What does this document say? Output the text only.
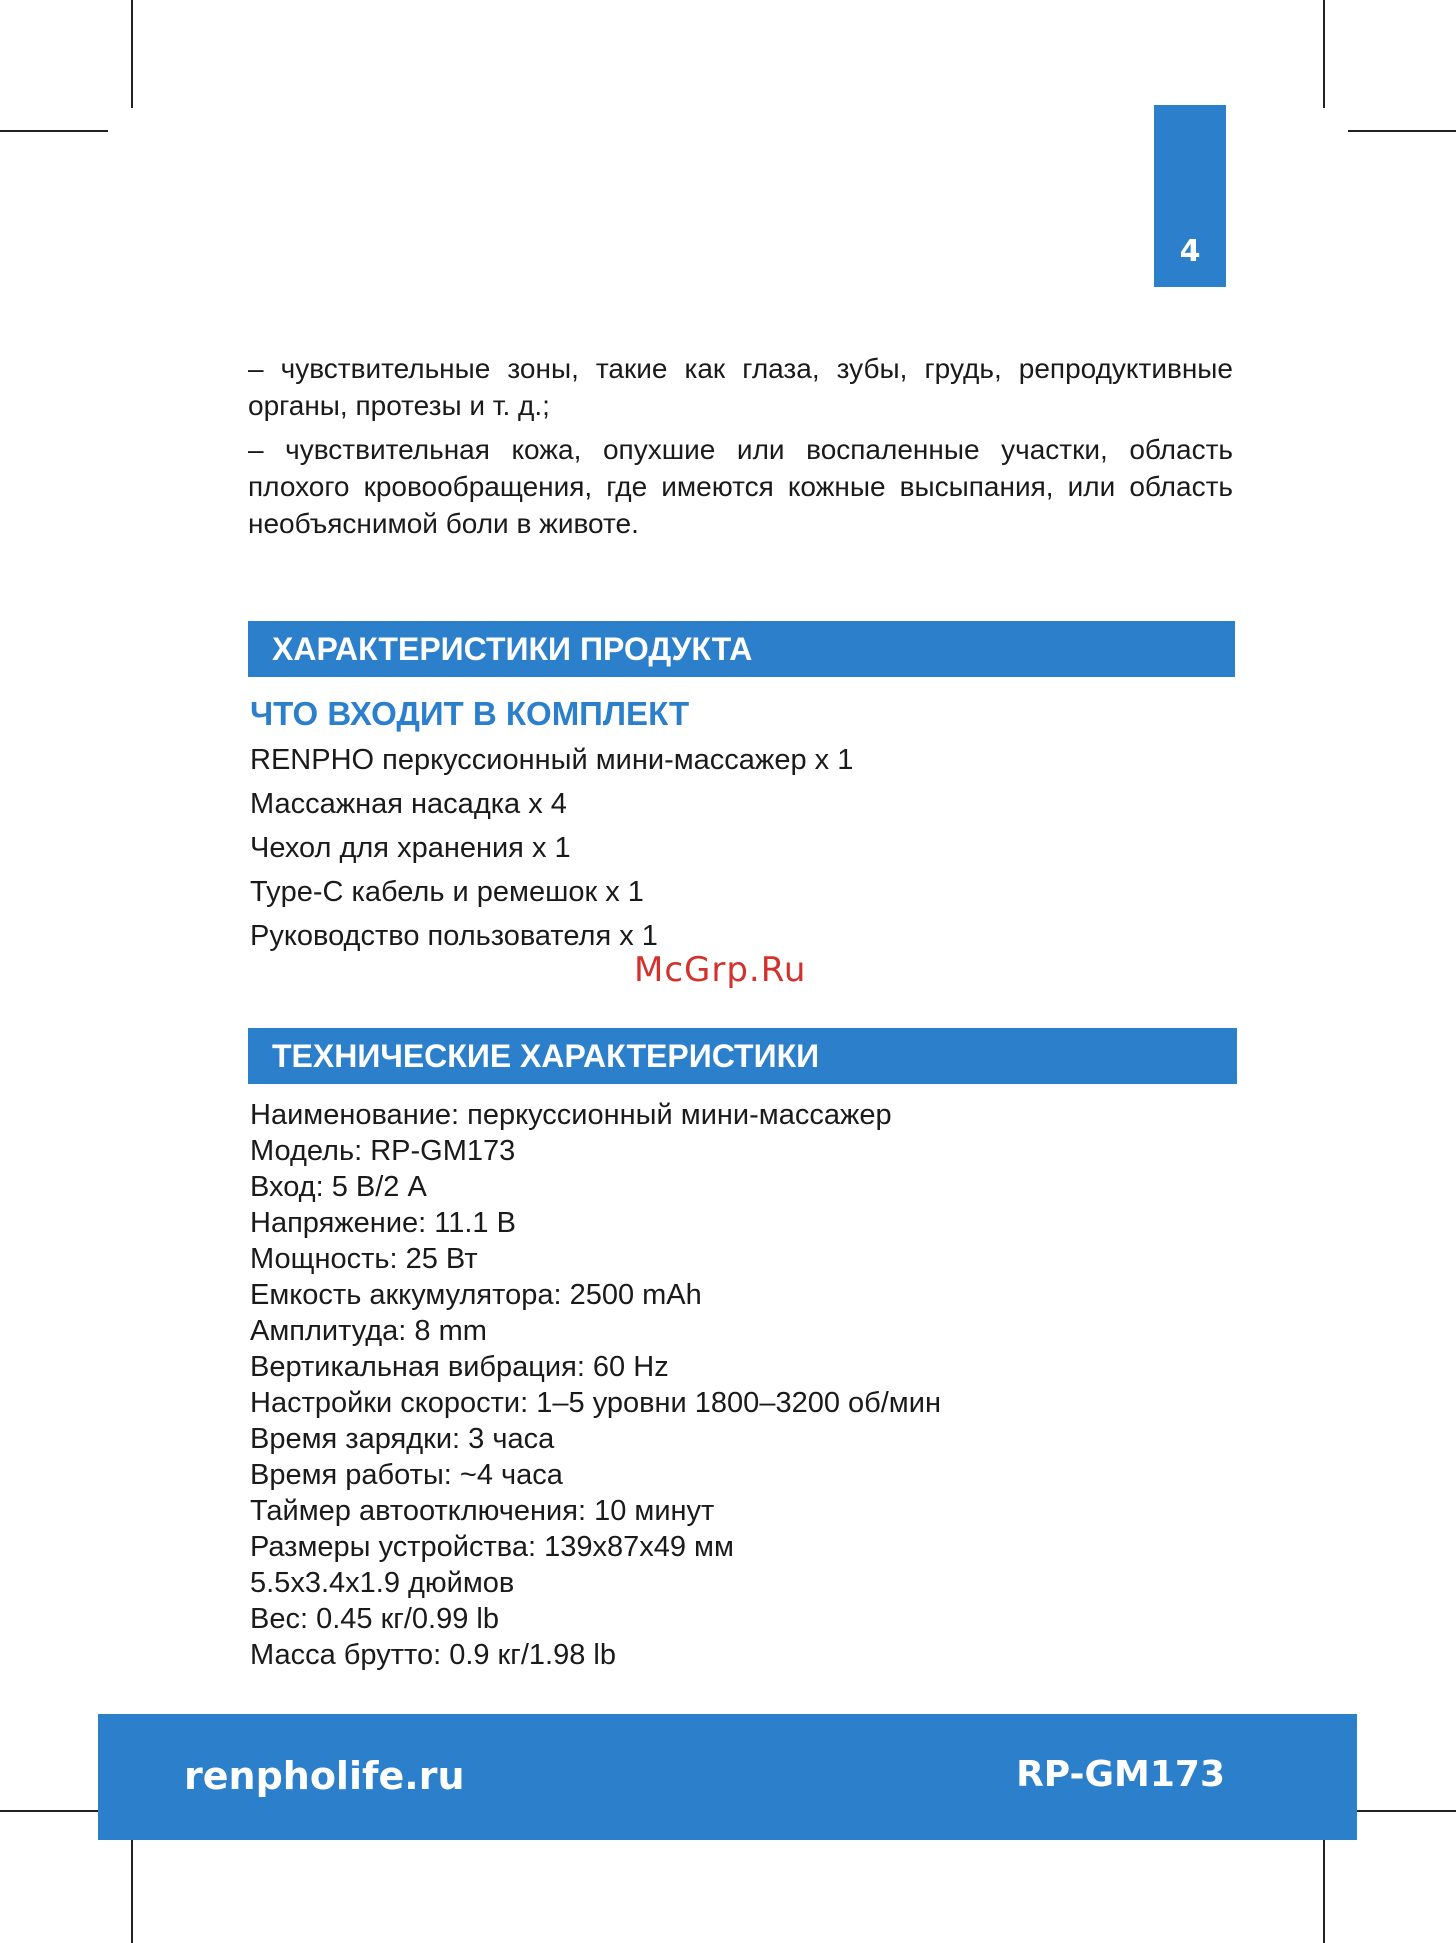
4

– чувствительные зоны, такие как глаза, зубы, грудь, репродуктивные органы, протезы и т. д.;

– чувствительная кожа, опухшие или воспаленные участки, область плохого кровообращения, где имеются кожные высыпания, или область необъяснимой боли в животе.

ХАРАКТЕРИСТИКИ ПРОДУКТА
ЧТО ВХОДИТ В КОМПЛЕКТ
RENPHO перкуссионный мини-массажер x 1
Массажная насадка x 4
Чехол для хранения x 1
Type-C кабель и ремешок x 1
Руководство пользователя x 1
McGrp.Ru
ТЕХНИЧЕСКИЕ ХАРАКТЕРИСТИКИ
Наименование: перкуссионный мини-массажер
Модель: RP-GM173
Вход: 5 В/2 А
Напряжение: 11.1 В
Мощность: 25 Вт
Емкость аккумулятора: 2500 mAh
Амплитуда: 8 mm
Вертикальная вибрация: 60 Hz
Настройки скорости: 1–5 уровни 1800–3200 об/мин
Время зарядки: 3 часа
Время работы: ~4 часа
Таймер автоотключения: 10 минут
Размеры устройства: 139x87x49 мм
5.5x3.4x1.9 дюймов
Вес: 0.45 кг/0.99 lb
Масса брутто: 0.9 кг/1.98 lb
renpholife.ru	RP-GM173
